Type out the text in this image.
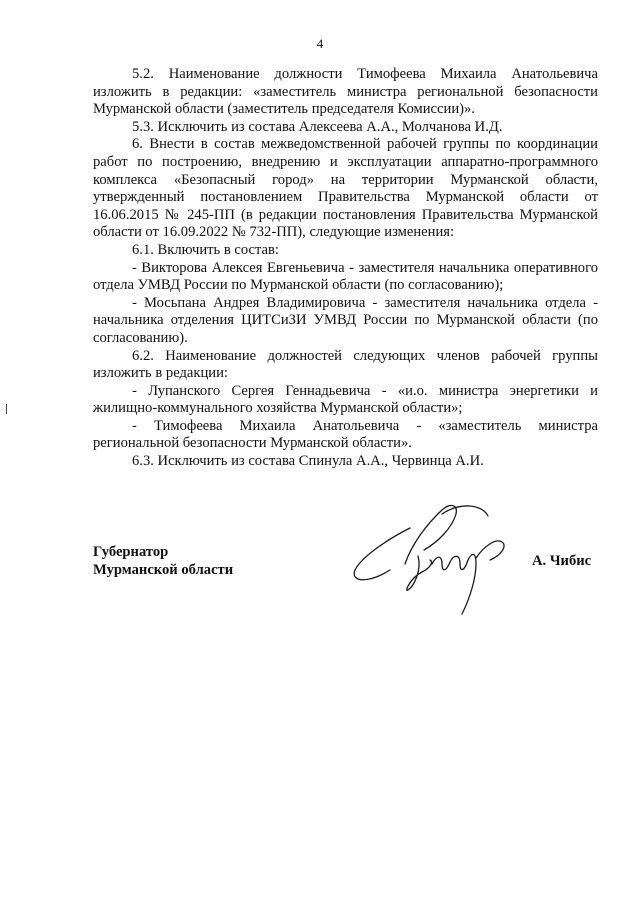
4

5.2. Наименование должности Тимофеева Михаила Анатольевича изложить в редакции: «заместитель министра региональной безопасности Мурманской области (заместитель председателя Комиссии)».

5.3. Исключить из состава Алексеева А.А., Молчанова И.Д.

6. Внести в состав межведомственной рабочей группы по координации работ по построению, внедрению и эксплуатации аппаратно-программного комплекса «Безопасный город» на территории Мурманской области, утвержденный постановлением Правительства Мурманской области от 16.06.2015 № 245-ПП (в редакции постановления Правительства Мурманской области от 16.09.2022 № 732-ПП), следующие изменения:

6.1. Включить в состав:

- Викторова Алексея Евгеньевича - заместителя начальника оперативного отдела УМВД России по Мурманской области (по согласованию);

- Мосьпана Андрея Владимировича - заместителя начальника отдела - начальника отделения ЦИТСиЗИ УМВД России по Мурманской области (по согласованию).

6.2. Наименование должностей следующих членов рабочей группы изложить в редакции:

- Лупанского Сергея Геннадьевича - «и.о. министра энергетики и жилищно-коммунального хозяйства Мурманской области»;

- Тимофеева Михаила Анатольевича - «заместитель министра региональной безопасности Мурманской области».

6.3. Исключить из состава Спинула А.А., Червинца А.И.

Губернатор
Мурманской области
А. Чибис
